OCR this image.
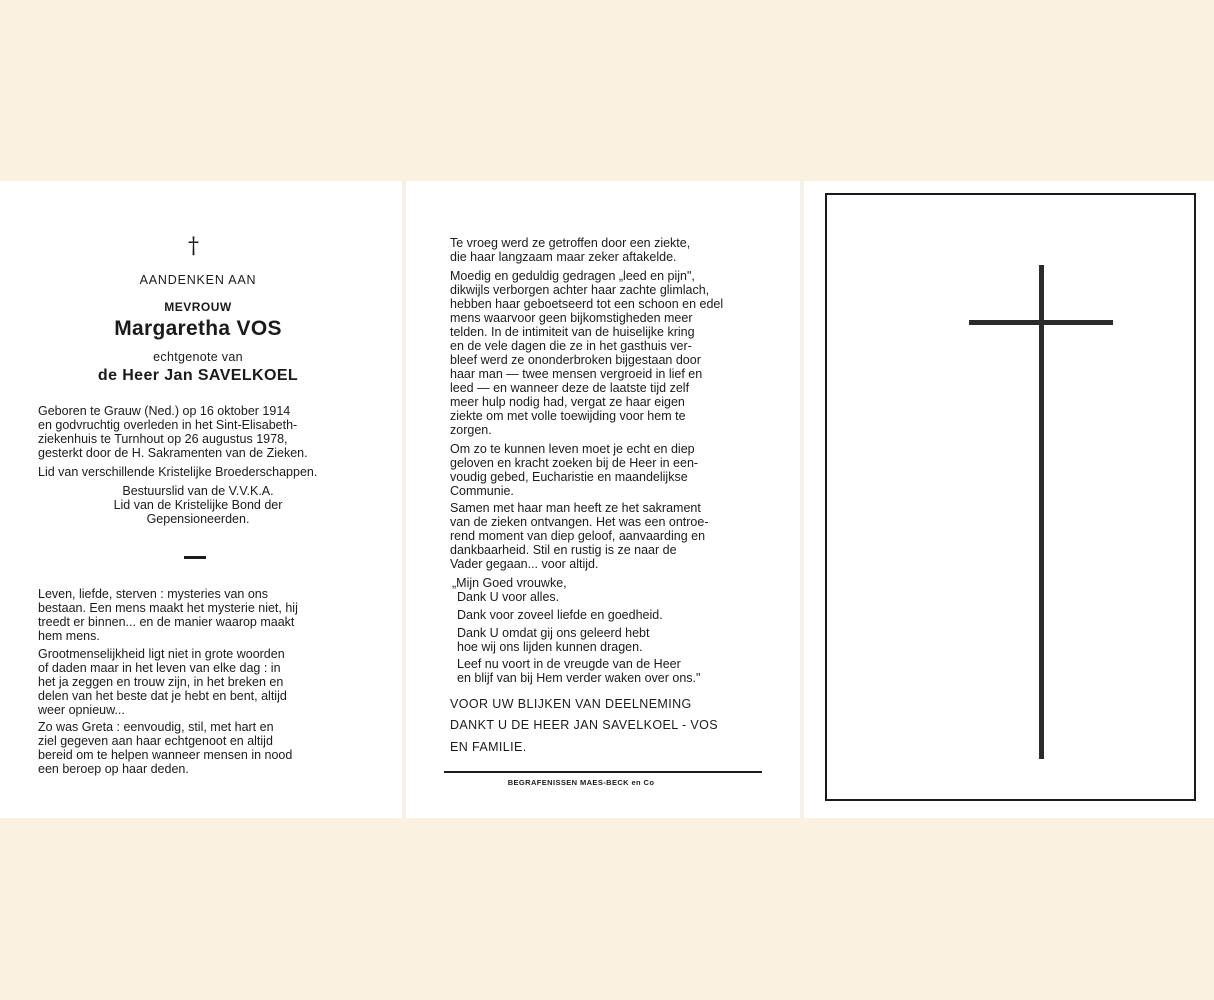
†
AANDENKEN AAN
MEVROUW
Margaretha VOS
echtgenote van
de Heer Jan SAVELKOEL
Geboren te Grauw (Ned.) op 16 oktober 1914
en godvruchtig overleden in het Sint-Elisabeth-
ziekenhuis te Turnhout op 26 augustus 1978,
gesterkt door de H. Sakramenten van de Zieken.
Lid van verschillende Kristelijke Broederschappen.
Bestuurslid van de V.V.K.A.
Lid van de Kristelijke Bond der
Gepensioneerden.
Leven, liefde, sterven : mysteries van ons
bestaan. Een mens maakt het mysterie niet, hij
treedt er binnen... en de manier waarop maakt
hem mens.
Grootmenselijkheid ligt niet in grote woorden
of daden maar in het leven van elke dag : in
het ja zeggen en trouw zijn, in het breken en
delen van het beste dat je hebt en bent, altijd
weer opnieuw...
Zo was Greta : eenvoudig, stil, met hart en
ziel gegeven aan haar echtgenoot en altijd
bereid om te helpen wanneer mensen in nood
een beroep op haar deden.
Te vroeg werd ze getroffen door een ziekte,
die haar langzaam maar zeker aftakelde.
Moedig en geduldig gedragen „leed en pijn",
dikwijls verborgen achter haar zachte glimlach,
hebben haar geboetseerd tot een schoon en edel
mens waarvoor geen bijkomstigheden meer
telden. In de intimiteit van de huiselijke kring
en de vele dagen die ze in het gasthuis ver-
bleef werd ze ononderbroken bijgestaan door
haar man — twee mensen vergroeid in lief en
leed — en wanneer deze de laatste tijd zelf
meer hulp nodig had, vergat ze haar eigen
ziekte om met volle toewijding voor hem te
zorgen.
Om zo te kunnen leven moet je echt en diep
geloven en kracht zoeken bij de Heer in een-
voudig gebed, Eucharistie en maandelijkse
Communie.
Samen met haar man heeft ze het sakrament
van de zieken ontvangen. Het was een ontroe-
rend moment van diep geloof, aanvaarding en
dankbaarheid. Stil en rustig is ze naar de
Vader gegaan... voor altijd.
„Mijn Goed vrouwke,
Dank U voor alles.
Dank voor zoveel liefde en goedheid.
Dank U omdat gij ons geleerd hebt
hoe wij ons lijden kunnen dragen.
Leef nu voort in de vreugde van de Heer
en blijf van bij Hem verder waken over ons."
VOOR UW BLIJKEN VAN DEELNEMING
DANKT U DE HEER JAN SAVELKOEL - VOS
EN FAMILIE.
BEGRAFENISSEN MAES-BECK en Co
